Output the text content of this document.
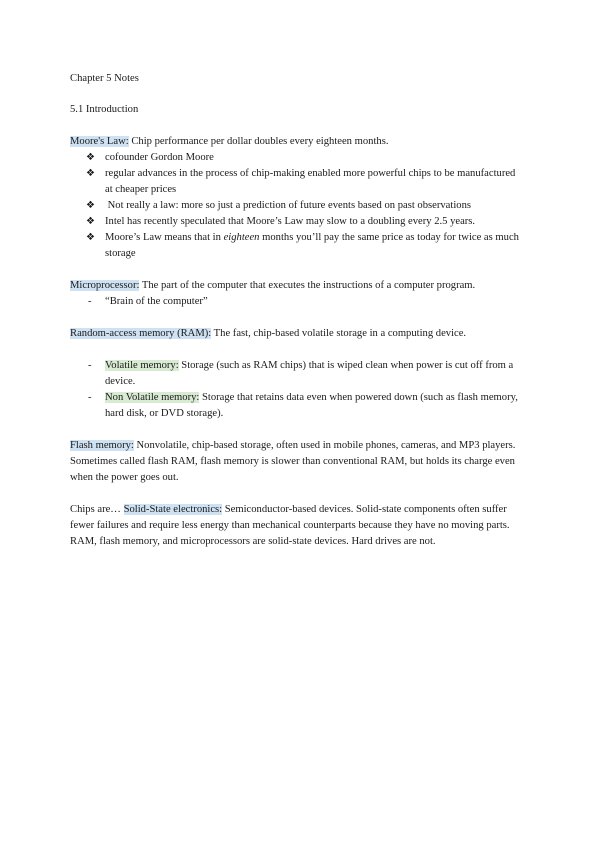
Chapter 5 Notes
5.1 Introduction
Moore's Law: Chip performance per dollar doubles every eighteen months.
❖ cofounder Gordon Moore
❖ regular advances in the process of chip-making enabled more powerful chips to be manufactured at cheaper prices
❖ Not really a law: more so just a prediction of future events based on past observations
❖ Intel has recently speculated that Moore’s Law may slow to a doubling every 2.5 years.
❖ Moore’s Law means that in eighteen months you’ll pay the same price as today for twice as much storage
Microprocessor: The part of the computer that executes the instructions of a computer program.
- “Brain of the computer”
Random-access memory (RAM): The fast, chip-based volatile storage in a computing device.
- Volatile memory: Storage (such as RAM chips) that is wiped clean when power is cut off from a device.
- Non Volatile memory: Storage that retains data even when powered down (such as flash memory, hard disk, or DVD storage).
Flash memory: Nonvolatile, chip-based storage, often used in mobile phones, cameras, and MP3 players. Sometimes called flash RAM, flash memory is slower than conventional RAM, but holds its charge even when the power goes out.
Chips are… Solid-State electronics: Semiconductor-based devices. Solid-state components often suffer fewer failures and require less energy than mechanical counterparts because they have no moving parts. RAM, flash memory, and microprocessors are solid-state devices. Hard drives are not.
